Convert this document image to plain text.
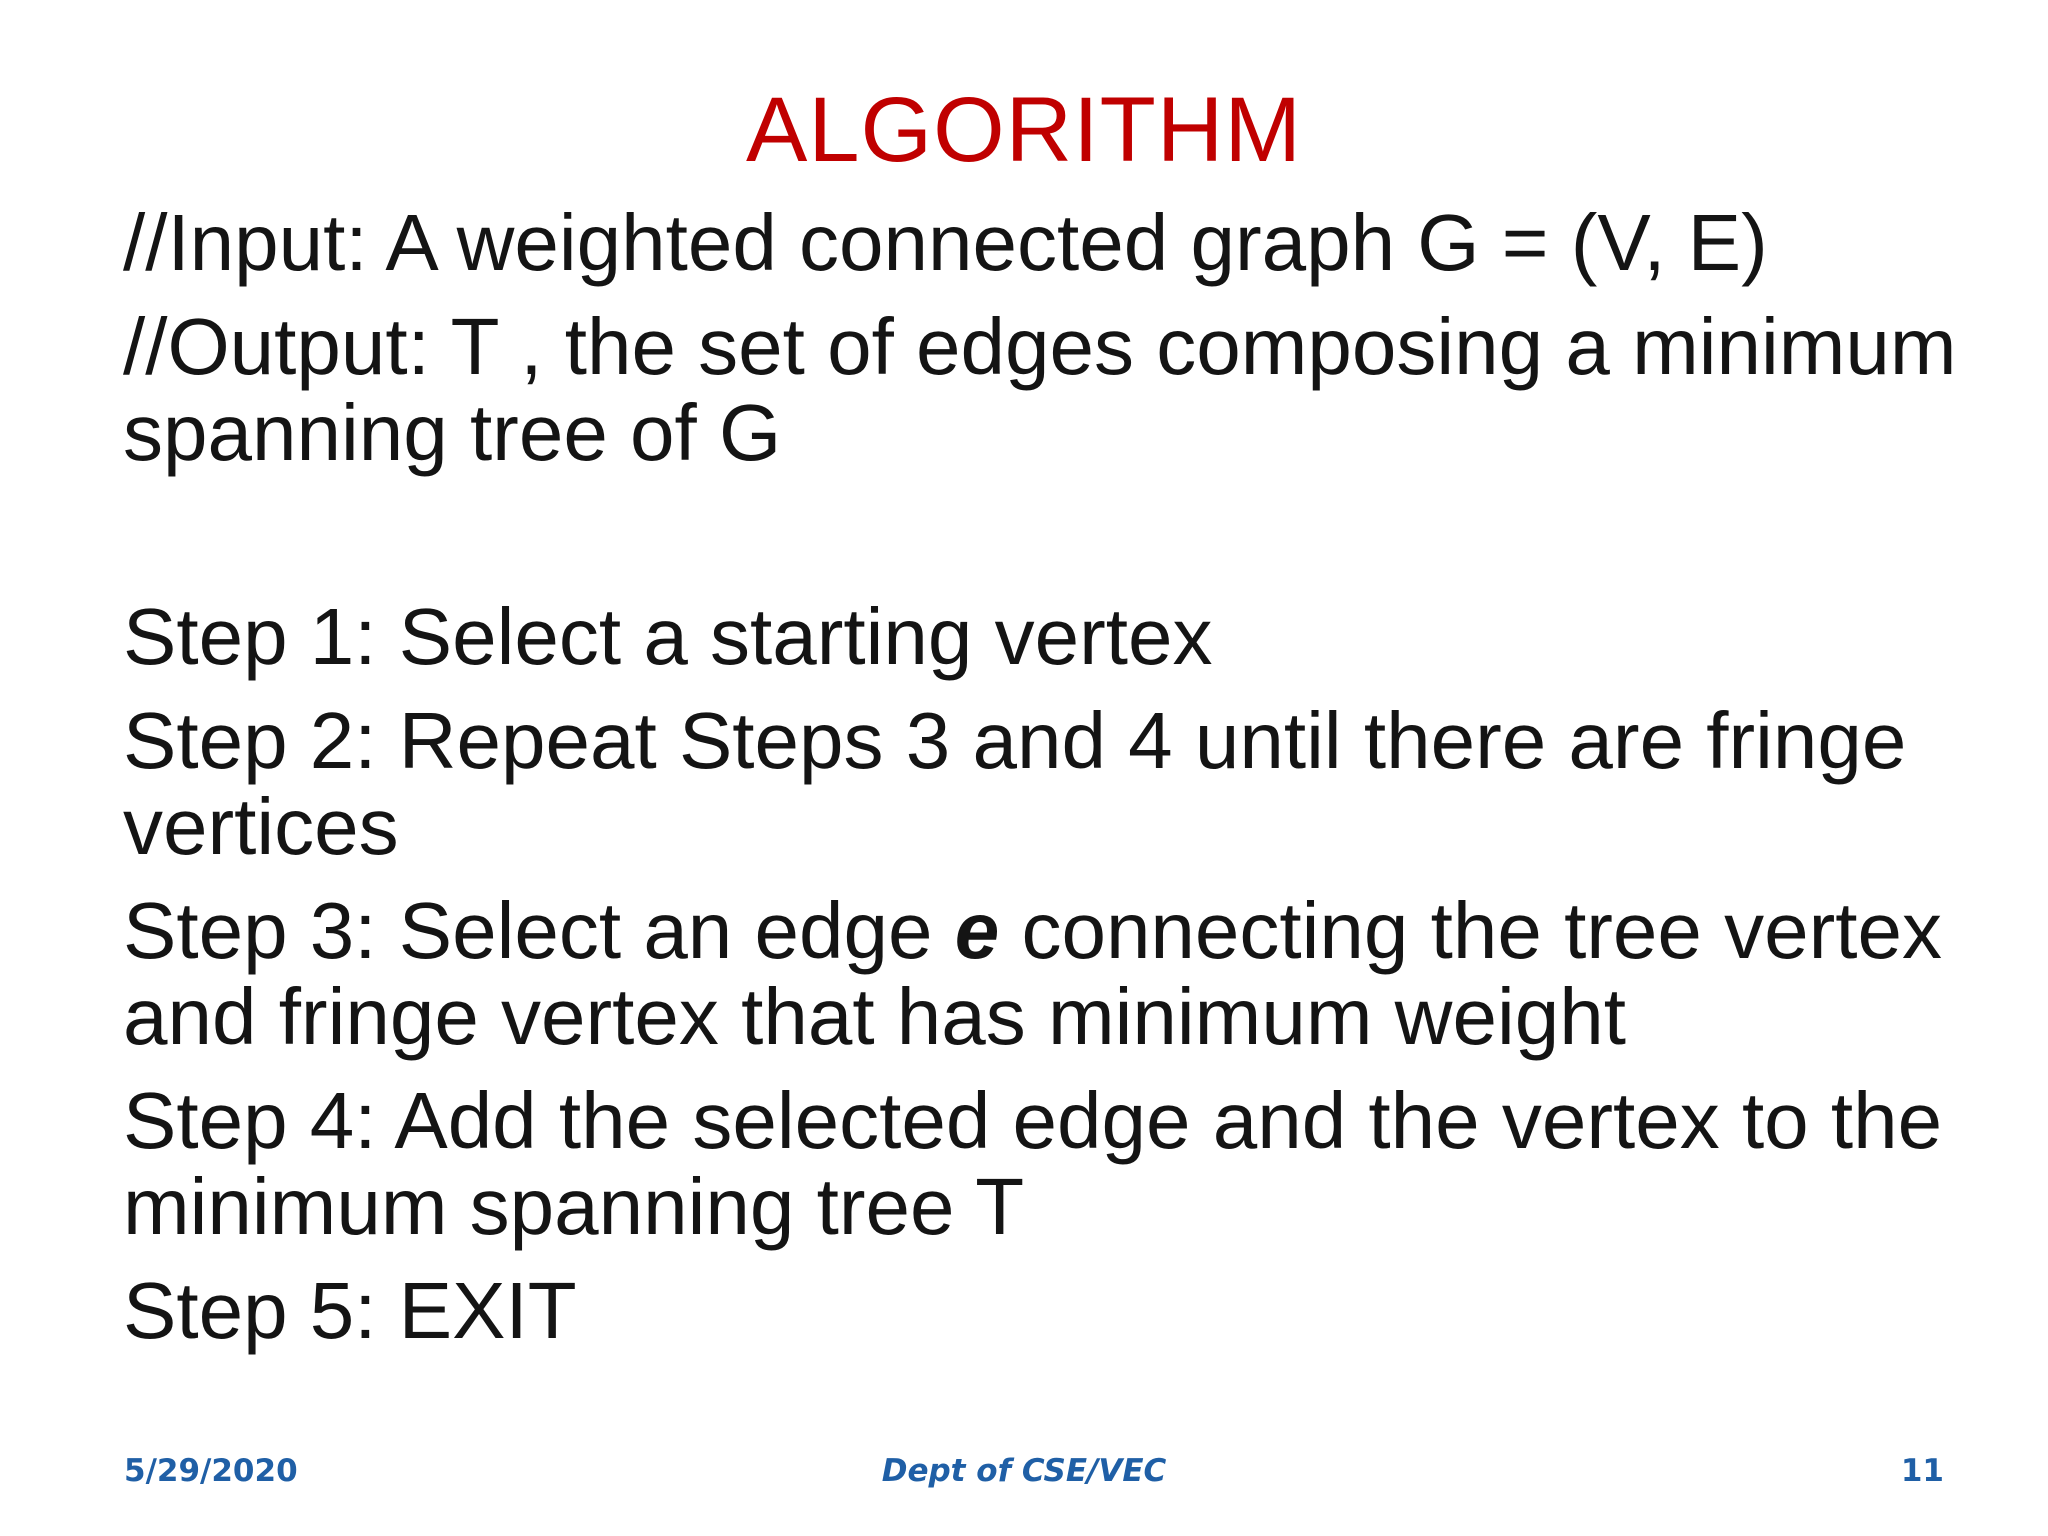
ALGORITHM

//Input: A weighted connected graph G = (V, E)

//Output: T , the set of edges composing a minimum spanning tree of G

Step 1: Select a starting vertex

Step 2: Repeat Steps 3 and 4 until there are fringe vertices

Step 3: Select an edge e connecting the tree vertex and fringe vertex that has minimum weight

Step 4: Add the selected edge and the vertex to the minimum spanning tree T

Step 5: EXIT

5/29/2020	Dept of CSE/VEC	11
